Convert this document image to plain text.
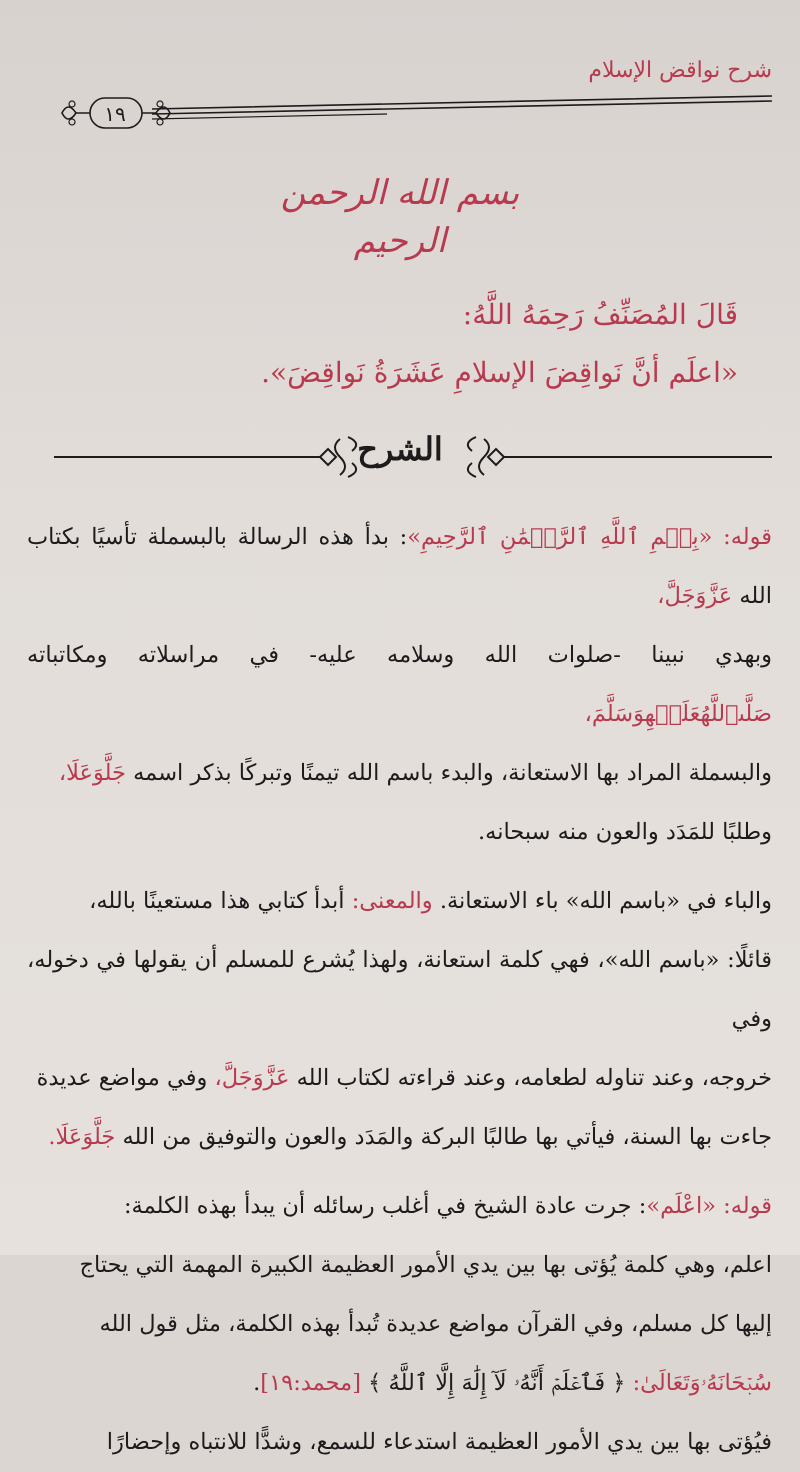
شرح نواقض الإسلام
١٩
بسم الله الرحمن الرحيم
قَالَ المُصَنِّفُ رَحِمَهُ اللَّهُ:
«اعلَم أنَّ نَواقِضَ الإسلامِ عَشَرَةُ نَواقِضَ».
الشرح

قوله: «بِسۡمِ ٱللَّهِ ٱلرَّحۡمَٰنِ ٱلرَّحِيمِ»: بدأ هذه الرسالة بالبسملة تأسيًا بكتاب الله عَزَّوَجَلَّ،

وبهدي نبينا -صلوات الله وسلامه عليه- في مراسلاته ومكاتباته صَلَّىٱللَّهُعَلَيۡهِوَسَلَّمَ،

والبسملة المراد بها الاستعانة، والبدء باسم الله تيمنًا وتبركًا بذكر اسمه جَلَّوَعَلَا،

وطلبًا للمَدَد والعون منه سبحانه.

والباء في «باسم الله» باء الاستعانة. والمعنى: أبدأ كتابي هذا مستعينًا بالله،

قائلًا: «باسم الله»، فهي كلمة استعانة، ولهذا يُشرع للمسلم أن يقولها في دخوله، وفي

خروجه، وعند تناوله لطعامه، وعند قراءته لكتاب الله عَزَّوَجَلَّ، وفي مواضع عديدة

جاءت بها السنة، فيأتي بها طالبًا البركة والمَدَد والعون والتوفيق من الله جَلَّوَعَلَا.

قوله: «اعْلَم»: جرت عادة الشيخ في أغلب رسائله أن يبدأ بهذه الكلمة:

اعلم، وهي كلمة يُؤتى بها بين يدي الأمور العظيمة الكبيرة المهمة التي يحتاج

إليها كل مسلم، وفي القرآن مواضع عديدة تُبدأ بهذه الكلمة، مثل قول الله

سُبۡحَانَهُۥوَتَعَالَىٰ: ﴿ فَٱعۡلَمۡ أَنَّهُۥ لَآ إِلَٰهَ إِلَّا ٱللَّهُ ﴾ [محمد:١٩].

فيُؤتى بها بين يدي الأمور العظيمة استدعاء للسمع، وشدًّا للانتباه وإحضارًا
